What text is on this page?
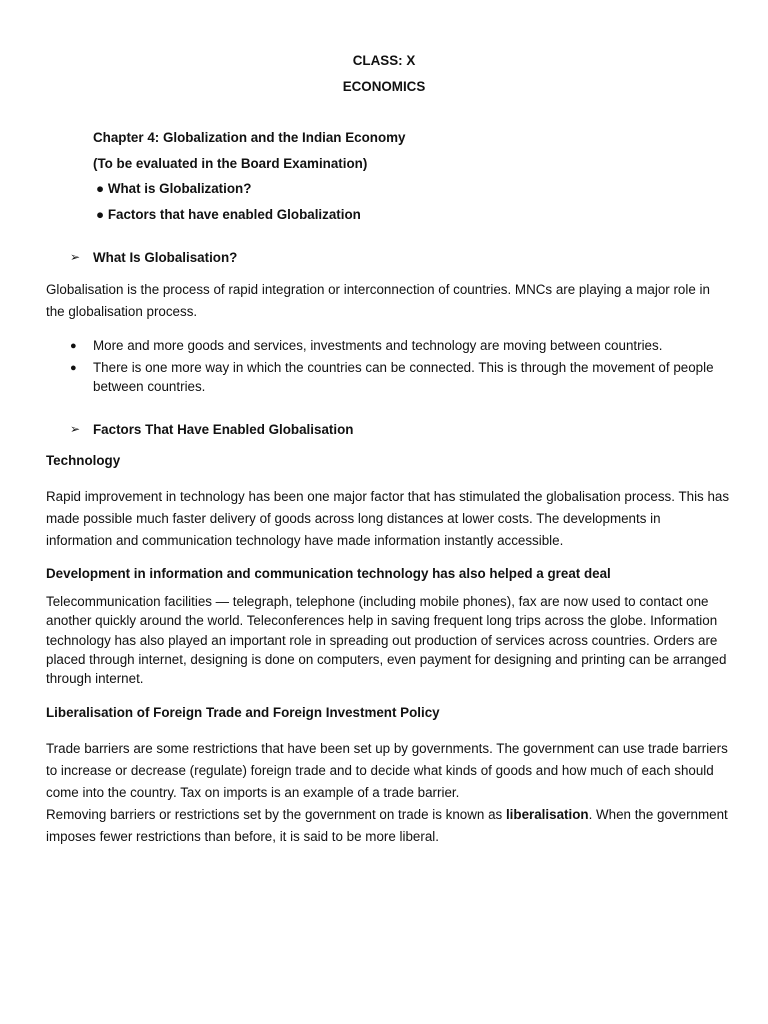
CLASS: X
ECONOMICS
Chapter 4: Globalization and the Indian Economy
(To be evaluated in the Board Examination)
● What is Globalization?
● Factors that have enabled Globalization
➢ What Is Globalisation?
Globalisation is the process of rapid integration or interconnection of countries. MNCs are playing a major role in the globalisation process.
● More and more goods and services, investments and technology are moving between countries.
● There is one more way in which the countries can be connected. This is through the movement of people between countries.
➢ Factors That Have Enabled Globalisation
Technology
Rapid improvement in technology has been one major factor that has stimulated the globalisation process. This has made possible much faster delivery of goods across long distances at lower costs. The developments in information and communication technology have made information instantly accessible.
Development in information and communication technology has also helped a great deal
Telecommunication facilities — telegraph, telephone (including mobile phones), fax are now used to contact one another quickly around the world. Teleconferences help in saving frequent long trips across the globe. Information technology has also played an important role in spreading out production of services across countries. Orders are placed through internet, designing is done on computers, even payment for designing and printing can be arranged through internet.
Liberalisation of Foreign Trade and Foreign Investment Policy

Trade barriers are some restrictions that have been set up by governments. The government can use trade barriers to increase or decrease (regulate) foreign trade and to decide what kinds of goods and how much of each should come into the country. Tax on imports is an example of a trade barrier.

Removing barriers or restrictions set by the government on trade is known as liberalisation. When the government imposes fewer restrictions than before, it is said to be more liberal.
